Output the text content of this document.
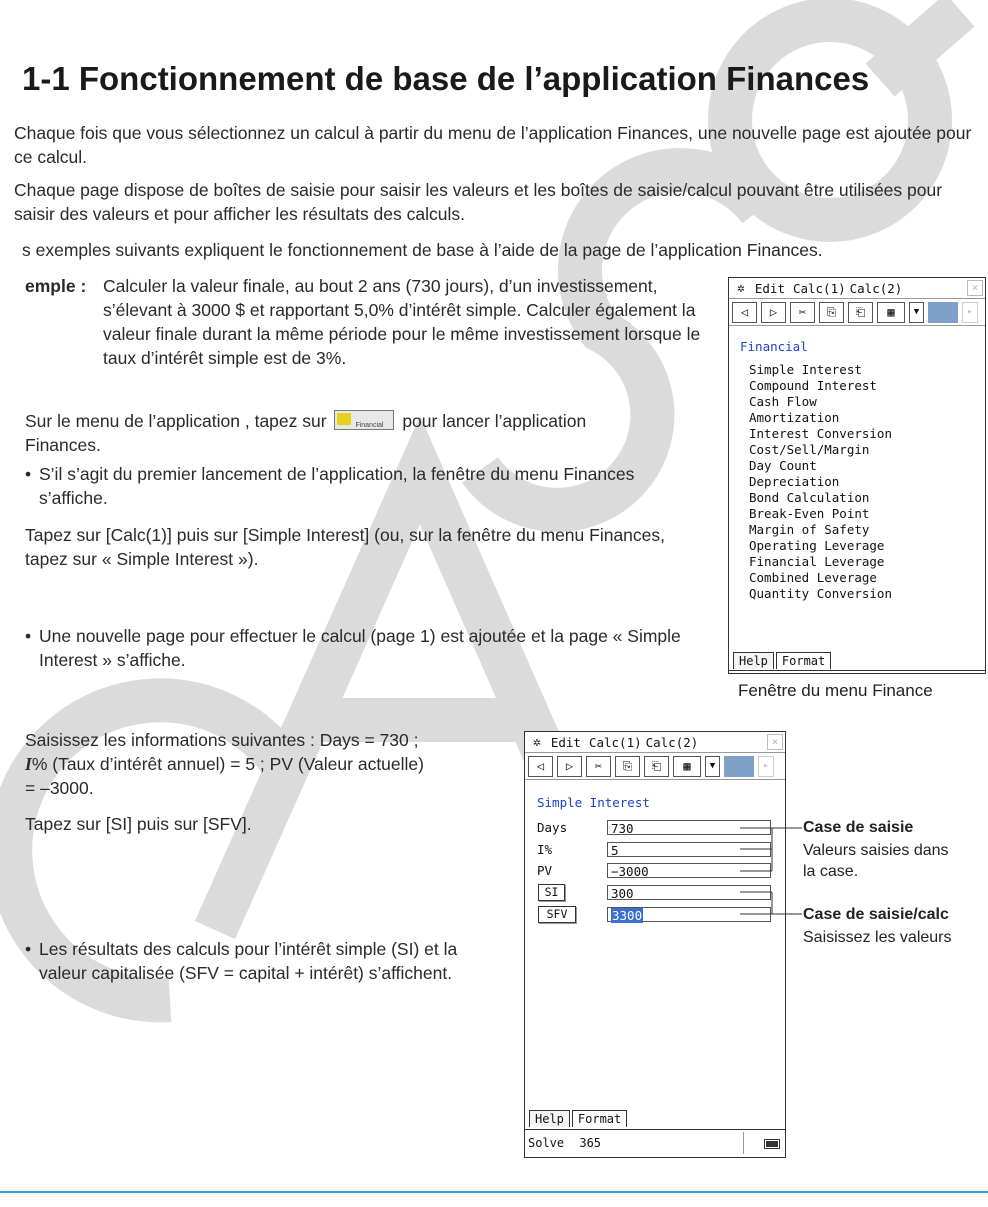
1-1 Fonctionnement de base de l’application Finances
Chaque fois que vous sélectionnez un calcul à partir du menu de l’application Finances, une nouvelle page est ajoutée pour ce calcul.
Chaque page dispose de boîtes de saisie pour saisir les valeurs et les boîtes de saisie/calcul pouvant être utilisées pour saisir des valeurs et pour afficher les résultats des calculs.
s exemples suivants expliquent le fonctionnement de base à l’aide de la page de l’application Finances.
emple : Calculer la valeur finale, au bout 2 ans (730 jours), d’un investissement, s’élevant à 3000 $ et rapportant 5,0% d’intérêt simple. Calculer également la valeur finale durant la même période pour le même investissement lorsque le taux d’intérêt simple est de 3%.
Sur le menu de l’application , tapez sur	Financial pour lancer l’application
Finances.
• S’il s’agit du premier lancement de l’application, la fenêtre du menu Finances s’affiche.
Tapez sur [Calc(1)] puis sur [Simple Interest] (ou, sur la fenêtre du menu Finances, tapez sur « Simple Interest »).
• Une nouvelle page pour effectuer le calcul (page 1) est ajoutée et la page « Simple Interest » s’affiche.
✲ Edit Calc(1) Calc(2)	×
◁	▷	✂	⎘	⎗	▦	▼	▸
Financial
Simple Interest
Compound Interest
Cash Flow
Amortization
Interest Conversion
Cost/Sell/Margin
Day Count
Depreciation
Bond Calculation
Break-Even Point
Margin of Safety
Operating Leverage
Financial Leverage
Combined Leverage
Quantity Conversion
Help	Format
Fenêtre du menu Finance
Saisissez les informations suivantes : Days = 730 ;
I% (Taux d’intérêt annuel) = 5 ; PV (Valeur actuelle)
= –3000.
Tapez sur [SI] puis sur [SFV].
• Les résultats des calculs pour l’intérêt simple (SI) et la valeur capitalisée (SFV = capital + intérêt) s’affichent.
✲ Edit Calc(1) Calc(2)	×
◁	▷	✂	⎘	⎗	▦	▼	▸
Simple Interest
Days	730
I%	5
PV	−3000
SI	300
SFV	3300
Help	Format
Solve 365
Case de saisie
Valeurs saisies dans
la case.
Case de saisie/calc
Saisissez les valeurs
